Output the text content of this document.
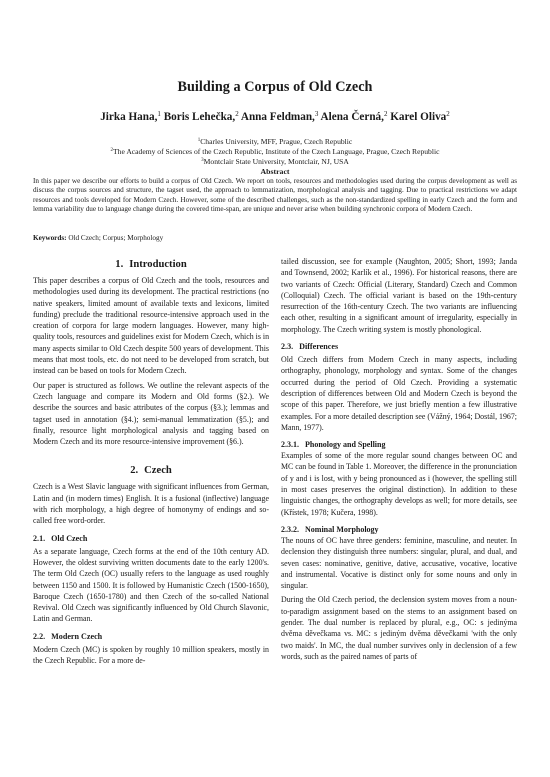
Building a Corpus of Old Czech
Jirka Hana,$^1$ Boris Lehečka,$^2$ Anna Feldman,$^3$ Alena Černá,$^2$ Karel Oliva$^2$
$^1$Charles University, MFF, Prague, Czech Republic
$^2$The Academy of Sciences of the Czech Republic, Institute of the Czech Language, Prague, Czech Republic
$^3$Montclair State University, Montclair, NJ, USA
Abstract
In this paper we describe our efforts to build a corpus of Old Czech. We report on tools, resources and methodologies used during the corpus development as well as discuss the corpus sources and structure, the tagset used, the approach to lemmatization, morphological analysis and tagging. Due to practical restrictions we adapt resources and tools developed for Modern Czech. However, some of the described challenges, such as the non-standardized spelling in early Czech and the form and lemma variability due to language change during the covered time-span, are unique and never arise when building synchronic corpora of Modern Czech.
Keywords: Old Czech; Corpus; Morphology
1. Introduction

This paper describes a corpus of Old Czech and the tools, resources and methodologies used during its development. The practical restrictions (no native speakers, limited amount of available texts and lexicons, limited funding) preclude the traditional resource-intensive approach used in the creation of corpora for large modern languages. However, many high-quality tools, resources and guidelines exist for Modern Czech, which is in many aspects similar to Old Czech despite 500 years of development. This means that most tools, etc. do not need to be developed from scratch, but instead can be based on tools for Modern Czech.

Our paper is structured as follows. We outline the relevant aspects of the Czech language and compare its Modern and Old forms (§2.). We describe the sources and basic attributes of the corpus (§3.); lemmas and tagset used in annotation (§4.); semi-manual lemmatization (§5.); and finally, resource light morphological analysis and tagging based on Modern Czech and its more resource-intensive improvement (§6.).

2. Czech

Czech is a West Slavic language with significant influences from German, Latin and (in modern times) English. It is a fusional (inflective) language with rich morphology, a high degree of homonymy of endings and so-called free word-order.

2.1. Old Czech

As a separate language, Czech forms at the end of the 10th century AD. However, the oldest surviving written documents date to the early 1200's. The term Old Czech (OC) usually refers to the language as used roughly between 1150 and 1500. It is followed by Humanistic Czech (1500-1650), Baroque Czech (1650-1780) and then Czech of the so-called National Revival. Old Czech was significantly influenced by Old Church Slavonic, Latin and German.

2.2. Modern Czech

Modern Czech (MC) is spoken by roughly 10 million speakers, mostly in the Czech Republic. For a more de-

tailed discussion, see for example (Naughton, 2005; Short, 1993; Janda and Townsend, 2002; Karlík et al., 1996). For historical reasons, there are two variants of Czech: Official (Literary, Standard) Czech and Common (Colloquial) Czech. The official variant is based on the 19th-century resurrection of the 16th-century Czech. The two variants are influencing each other, resulting in a significant amount of irregularity, especially in morphology. The Czech writing system is mostly phonological.

2.3. Differences

Old Czech differs from Modern Czech in many aspects, including orthography, phonology, morphology and syntax. Some of the changes occurred during the period of Old Czech. Providing a systematic description of differences between Old and Modern Czech is beyond the scope of this paper. Therefore, we just briefly mention a few illustrative examples. For a more detailed description see (Vážný, 1964; Dostál, 1967; Mann, 1977).

2.3.1. Phonology and Spelling

Examples of some of the more regular sound changes between OC and MC can be found in Table 1. Moreover, the difference in the pronunciation of y and i is lost, with y being pronounced as i (however, the spelling still in most cases preserves the original distinction). In addition to these linguistic changes, the orthography develops as well; for more details, see (Křístek, 1978; Kučera, 1998).

2.3.2. Nominal Morphology

The nouns of OC have three genders: feminine, masculine, and neuter. In declension they distinguish three numbers: singular, plural, and dual, and seven cases: nominative, genitive, dative, accusative, vocative, locative and instrumental. Vocative is distinct only for some nouns and only in singular.

During the Old Czech period, the declension system moves from a noun-to-paradigm assignment based on the stems to an assignment based on gender. The dual number is replaced by plural, e.g., OC: s jedinýma dvěma děvečkama vs. MC: s jediným dvěma děvečkami 'with the only two maids'. In MC, the dual number survives only in declension of a few words, such as the paired names of parts of
